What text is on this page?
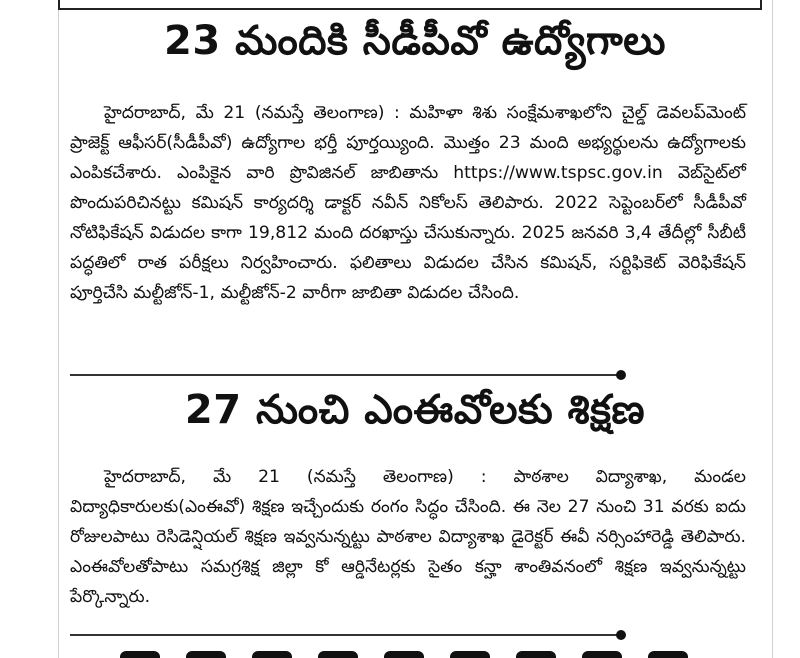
23 మందికి సీడీపీవో ఉద్యోగాలు

హైదరాబాద్, మే 21 (నమస్తే తెలంగాణ) : మహిళా శిశు సంక్షేమశాఖలోని చైల్డ్ డెవలప్‌మెంట్ ప్రాజెక్ట్ ఆఫీసర్(సీడీపీవో) ఉద్యోగాల భర్తీ పూర్తయ్యింది. మొత్తం 23 మంది అభ్యర్థులను ఉద్యోగాలకు ఎంపికచేశారు. ఎంపికైన వారి ప్రొవిజినల్ జాబితాను https://www.tspsc.gov.in వెబ్‌సైట్‌లో పొందుపరిచినట్టు కమిషన్ కార్యదర్శి డాక్టర్ నవీన్ నికోలస్ తెలిపారు. 2022 సెప్టెంబర్‌లో సీడీపీవో నోటిఫికేషన్ విడుదల కాగా 19,812 మంది దరఖాస్తు చేసుకున్నారు. 2025 జనవరి 3,4 తేదీల్లో సీబీటీ పద్ధతిలో రాత పరీక్షలు నిర్వహించారు. ఫలితాలు విడుదల చేసిన కమిషన్, సర్టిఫికెట్ వెరిఫికేషన్ పూర్తిచేసి మల్టీజోన్-1, మల్టీజోన్-2 వారీగా జాబితా విడుదల చేసింది.

27 నుంచి ఎంఈవోలకు శిక్షణ

హైదరాబాద్, మే 21 (నమస్తే తెలంగాణ) : పాఠశాల విద్యాశాఖ, మండల విద్యాధికారులకు(ఎంఈవో) శిక్షణ ఇచ్చేందుకు రంగం సిద్ధం చేసింది. ఈ నెల 27 నుంచి 31 వరకు ఐదు రోజులపాటు రెసిడెన్షియల్ శిక్షణ ఇవ్వనున్నట్టు పాఠశాల విద్యాశాఖ డైరెక్టర్ ఈవీ నర్సింహారెడ్డి తెలిపారు. ఎంఈవోలతోపాటు సమగ్రశిక్ష జిల్లా కో ఆర్డినేటర్లకు సైతం కన్హా శాంతివనంలో శిక్షణ ఇవ్వనున్నట్టు పేర్కొన్నారు.
